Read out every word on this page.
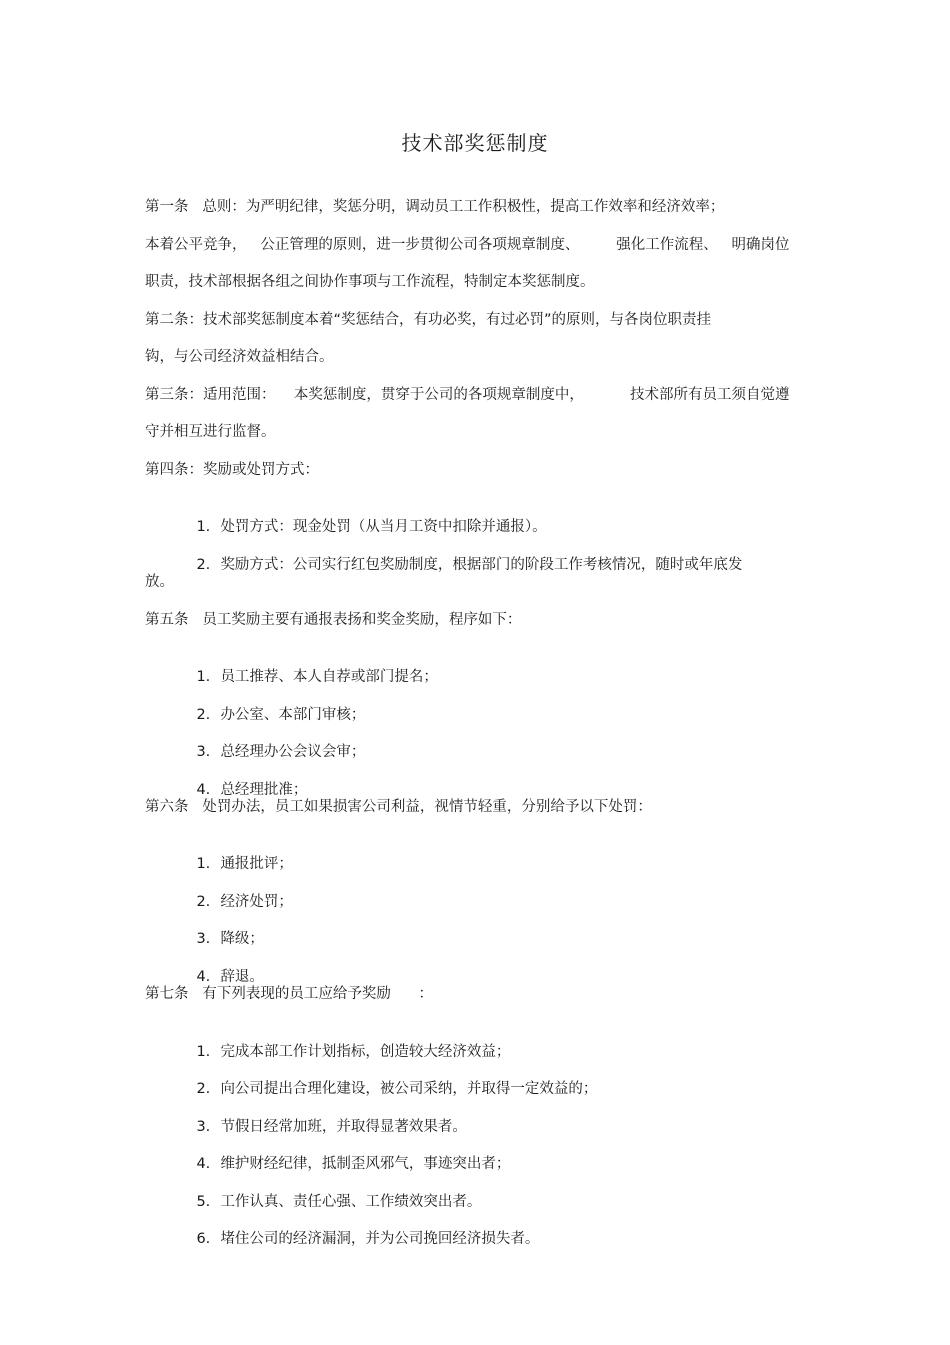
技术部奖惩制度
第一条   总则：为严明纪律，奖惩分明，调动员工工作积极性，提高工作效率和经济效率；
本着公平竞争，   公正管理的原则，进一步贯彻公司各项规章制度、        强化工作流程、   明确岗位
职责，技术部根据各组之间协作事项与工作流程，特制定本奖惩制度。
第二条：技术部奖惩制度本着“奖惩结合，有功必奖，有过必罚”的原则，与各岗位职责挂
钩，与公司经济效益相结合。
第三条：适用范围：    本奖惩制度，贯穿于公司的各项规章制度中，          技术部所有员工须自觉遵
守并相互进行监督。
第四条：奖励或处罚方式：

1. 处罚方式：现金处罚（从当月工资中扣除并通报）。

2. 奖励方式：公司实行红包奖励制度，根据部门的阶段工作考核情况，随时或年底发

放。
第五条   员工奖励主要有通报表扬和奖金奖励，程序如下：

1. 员工推荐、本人自荐或部门提名；

2. 办公室、本部门审核；

3. 总经理办公会议会审；

4. 总经理批准；

第六条   处罚办法，员工如果损害公司利益，视情节轻重，分别给予以下处罚：

1. 通报批评；

2. 经济处罚；

3. 降级；

4. 辞退。

第七条   有下列表现的员工应给予奖励      ：

1. 完成本部工作计划指标，创造较大经济效益；

2. 向公司提出合理化建设，被公司采纳，并取得一定效益的；

3. 节假日经常加班，并取得显著效果者。

4. 维护财经纪律，抵制歪风邪气，事迹突出者；

5. 工作认真、责任心强、工作绩效突出者。

6. 堵住公司的经济漏洞，并为公司挽回经济损失者。
